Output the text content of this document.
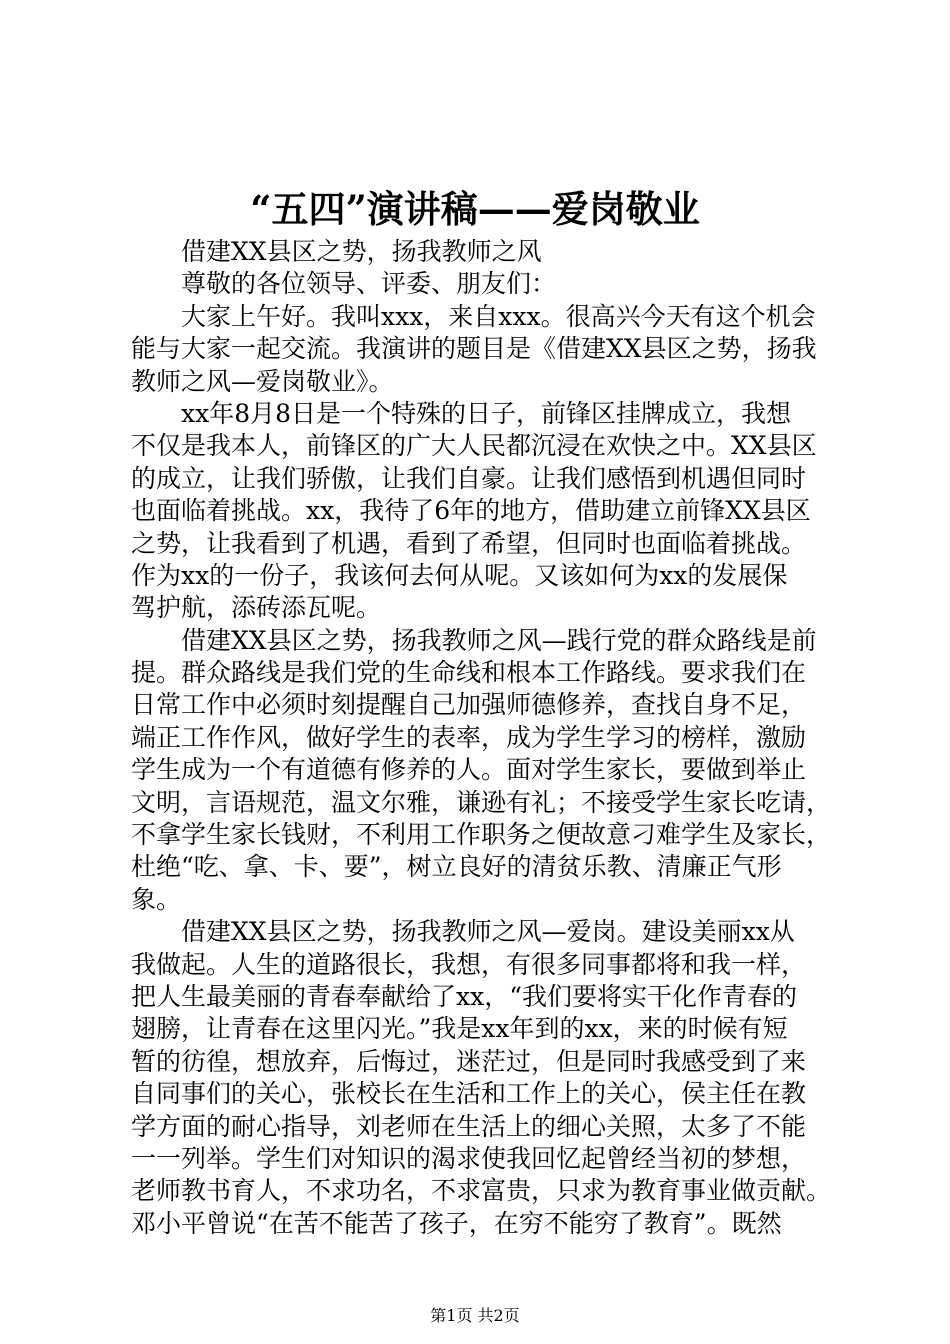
“五四”演讲稿——爱岗敬业
借建XX县区之势，扬我教师之风
尊敬的各位领导、评委、朋友们：
大家上午好。我叫xxx，来自xxx。很高兴今天有这个机会
能与大家一起交流。我演讲的题目是《借建XX县区之势，扬我
教师之风—爱岗敬业》。
xx年8月8日是一个特殊的日子，前锋区挂牌成立，我想
不仅是我本人，前锋区的广大人民都沉浸在欢快之中。XX县区
的成立，让我们骄傲，让我们自豪。让我们感悟到机遇但同时
也面临着挑战。xx，我待了6年的地方，借助建立前锋XX县区
之势，让我看到了机遇，看到了希望，但同时也面临着挑战。
作为xx的一份子，我该何去何从呢。又该如何为xx的发展保
驾护航，添砖添瓦呢。
借建XX县区之势，扬我教师之风—践行党的群众路线是前
提。群众路线是我们党的生命线和根本工作路线。要求我们在
日常工作中必须时刻提醒自己加强师德修养，查找自身不足，
端正工作作风，做好学生的表率，成为学生学习的榜样，激励
学生成为一个有道德有修养的人。面对学生家长，要做到举止
文明，言语规范，温文尔雅，谦逊有礼；不接受学生家长吃请，
不拿学生家长钱财，不利用工作职务之便故意刁难学生及家长，
杜绝“吃、拿、卡、要”，树立良好的清贫乐教、清廉正气形
象。
借建XX县区之势，扬我教师之风—爱岗。建设美丽xx从
我做起。人生的道路很长，我想，有很多同事都将和我一样，
把人生最美丽的青春奉献给了xx，“我们要将实干化作青春的
翅膀，让青春在这里闪光。”我是xx年到的xx，来的时候有短
暂的彷徨，想放弃，后悔过，迷茫过，但是同时我感受到了来
自同事们的关心，张校长在生活和工作上的关心，侯主任在教
学方面的耐心指导，刘老师在生活上的细心关照，太多了不能
一一列举。学生们对知识的渴求使我回忆起曾经当初的梦想，
老师教书育人，不求功名，不求富贵，只求为教育事业做贡献。
邓小平曾说“在苦不能苦了孩子，在穷不能穷了教育”。既然
第1页 共2页
